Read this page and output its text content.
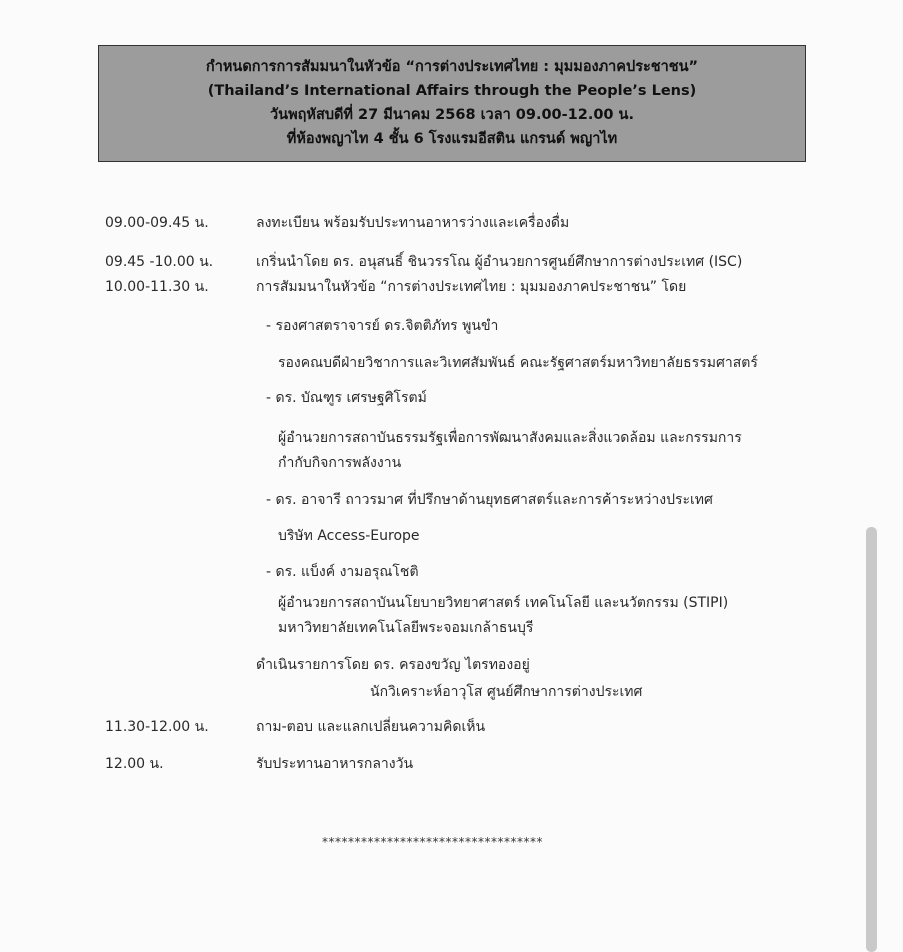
กำหนดการการสัมมนาในหัวข้อ “การต่างประเทศไทย : มุมมองภาคประชาชน”
(Thailand’s International Affairs through the People’s Lens)
วันพฤหัสบดีที่ 27 มีนาคม 2568 เวลา 09.00-12.00 น.
ที่ห้องพญาไท 4 ชั้น 6 โรงแรมอีสติน แกรนด์ พญาไท
09.00-09.45 น.	ลงทะเบียน พร้อมรับประทานอาหารว่างและเครื่องดื่ม
09.45 -10.00 น.	เกริ่นนำโดย ดร. อนุสนธิ์ ชินวรรโณ ผู้อำนวยการศูนย์ศึกษาการต่างประเทศ (ISC)
10.00-11.30 น.	การสัมมนาในหัวข้อ “การต่างประเทศไทย : มุมมองภาคประชาชน” โดย
- รองศาสตราจารย์ ดร.จิตติภัทร พูนขำ
รองคณบดีฝ่ายวิชาการและวิเทศสัมพันธ์ คณะรัฐศาสตร์มหาวิทยาลัยธรรมศาสตร์
- ดร. บัณฑูร เศรษฐศิโรตม์
ผู้อำนวยการสถาบันธรรมรัฐเพื่อการพัฒนาสังคมและสิ่งแวดล้อม และกรรมการ
กำกับกิจการพลังงาน
- ดร. อาจารี ถาวรมาศ ที่ปรึกษาด้านยุทธศาสตร์และการค้าระหว่างประเทศ
บริษัท Access-Europe
- ดร. แบ็งค์ งามอรุณโชติ
ผู้อำนวยการสถาบันนโยบายวิทยาศาสตร์ เทคโนโลยี และนวัตกรรม (STIPI)
มหาวิทยาลัยเทคโนโลยีพระจอมเกล้าธนบุรี
ดำเนินรายการโดย ดร. ครองขวัญ ไตรทองอยู่
นักวิเคราะห์อาวุโส ศูนย์ศึกษาการต่างประเทศ
11.30-12.00 น.	ถาม-ตอบ และแลกเปลี่ยนความคิดเห็น
12.00 น.	รับประทานอาหารกลางวัน
**********************************
